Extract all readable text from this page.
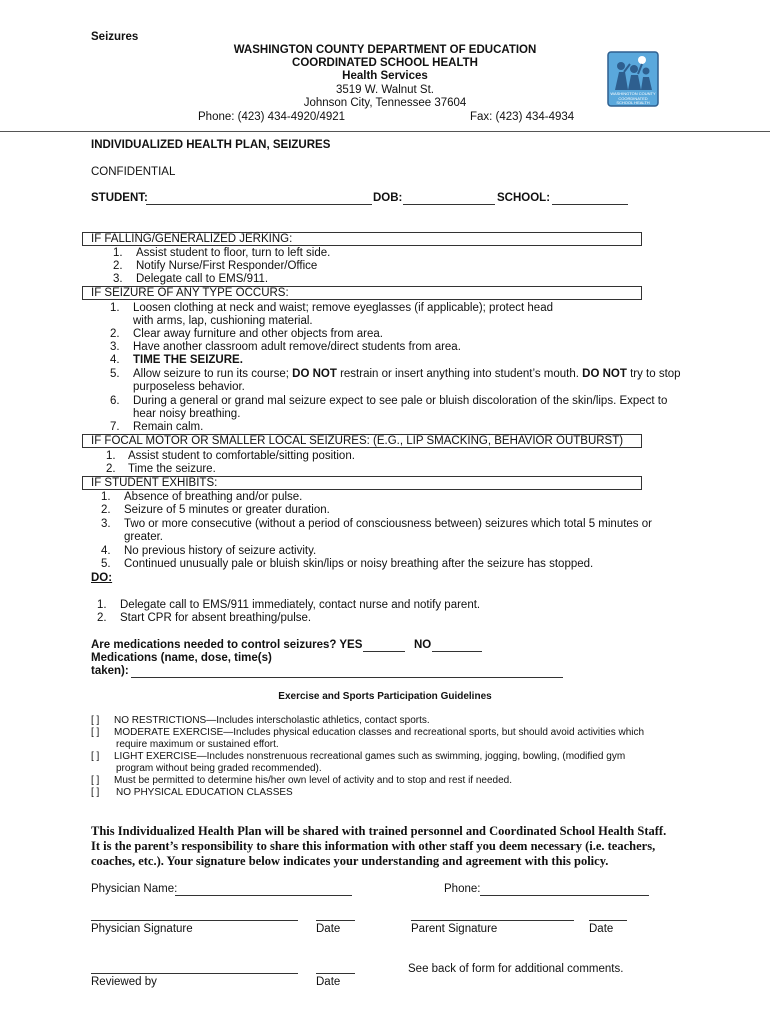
Seizures

WASHINGTON COUNTY DEPARTMENT OF EDUCATION
COORDINATED SCHOOL HEALTH
Health Services
3519 W. Walnut St.
Johnson City, Tennessee 37604
Phone: (423) 434-4920/4921	Fax: (423) 434-4934
WASHINGTON COUNTY
COORDINATED
SCHOOL HEALTH

INDIVIDUALIZED HEALTH PLAN, SEIZURES

CONFIDENTIAL

STUDENT:	DOB:	SCHOOL:
IF FALLING/GENERALIZED JERKING:
1. Assist student to floor, turn to left side.
2. Notify Nurse/First Responder/Office
3. Delegate call to EMS/911.
IF SEIZURE OF ANY TYPE OCCURS:
1. Loosen clothing at neck and waist; remove eyeglasses (if applicable); protect head
with arms, lap, cushioning material.
2. Clear away furniture and other objects from area.
3. Have another classroom adult remove/direct students from area.
4. TIME THE SEIZURE.
5. Allow seizure to run its course; DO NOT restrain or insert anything into student’s mouth. DO NOT try to stop
purposeless behavior.
6. During a general or grand mal seizure expect to see pale or bluish discoloration of the skin/lips. Expect to
hear noisy breathing.
7. Remain calm.
IF FOCAL MOTOR OR SMALLER LOCAL SEIZURES: (E.G., LIP SMACKING, BEHAVIOR OUTBURST)
1. Assist student to comfortable/sitting position.
2. Time the seizure.
IF STUDENT EXHIBITS:
1. Absence of breathing and/or pulse.
2. Seizure of 5 minutes or greater duration.
3. Two or more consecutive (without a period of consciousness between) seizures which total 5 minutes or
greater.
4. No previous history of seizure activity.
5. Continued unusually pale or bluish skin/lips or noisy breathing after the seizure has stopped.
DO:
1. Delegate call to EMS/911 immediately, contact nurse and notify parent.
2. Start CPR for absent breathing/pulse.
Are medications needed to control seizures? YES	NO
Medications (name, dose, time(s)
taken):

Exercise and Sports Participation Guidelines

[ ] NO RESTRICTIONS—Includes interscholastic athletics, contact sports.
[ ] MODERATE EXERCISE—Includes physical education classes and recreational sports, but should avoid activities which
require maximum or sustained effort.
[ ] LIGHT EXERCISE—Includes nonstrenuous recreational games such as swimming, jogging, bowling, (modified gym
program without being graded recommended).
[ ] Must be permitted to determine his/her own level of activity and to stop and rest if needed.
[ ] NO PHYSICAL EDUCATION CLASSES
This Individualized Health Plan will be shared with trained personnel and Coordinated School Health Staff.
It is the parent’s responsibility to share this information with other staff you deem necessary (i.e. teachers,
coaches, etc.). Your signature below indicates your understanding and agreement with this policy.
Physician Name:	Phone:
Physician Signature	Date	Parent Signature	Date
See back of form for additional comments.
Reviewed by	Date
